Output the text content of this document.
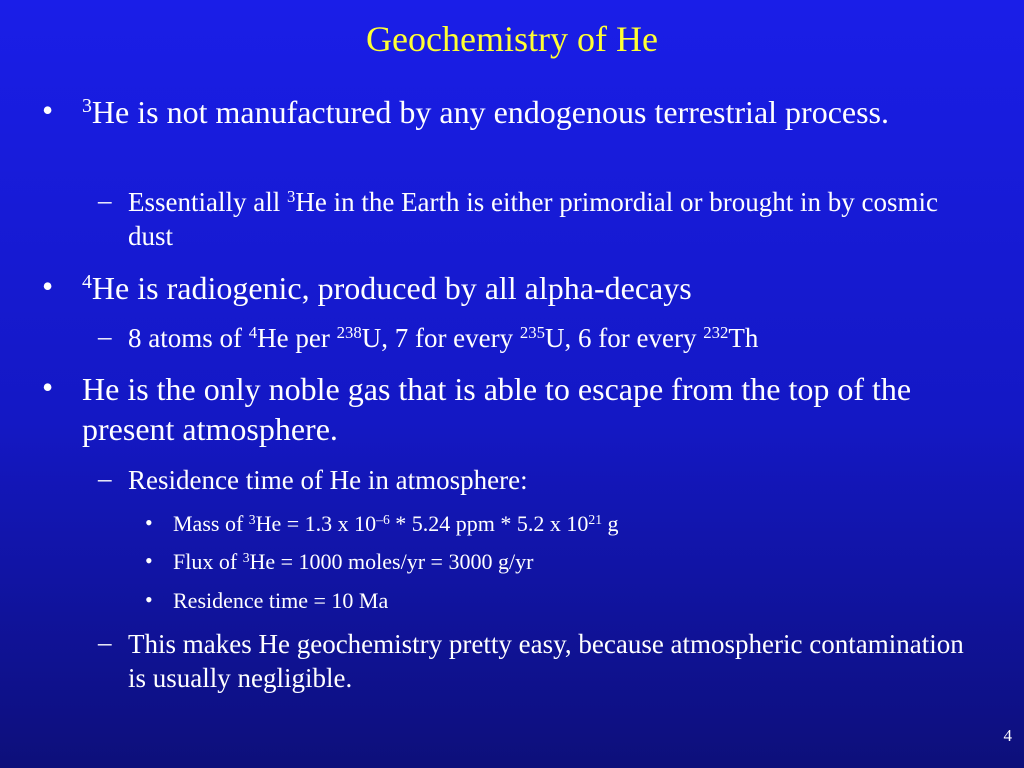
Geochemistry of He
• $^3$He is not manufactured by any endogenous terrestrial process.
– Essentially all $^3$He in the Earth is either primordial or brought in by cosmic dust
• $^4$He is radiogenic, produced by all alpha-decays
– 8 atoms of $^4$He per $^{238}$U, 7 for every $^{235}$U, 6 for every $^{232}$Th
• He is the only noble gas that is able to escape from the top of the present atmosphere.
– Residence time of He in atmosphere:
• Mass of $^3$He = 1.3 x $10^{-6} * 5.24$ ppm * 5.2 x $10^{21}$ g
• Flux of $^3$He = 1000 moles/yr = 3000 g/yr
• Residence time = 10 Ma
– This makes He geochemistry pretty easy, because atmospheric contamination is usually negligible.
4
